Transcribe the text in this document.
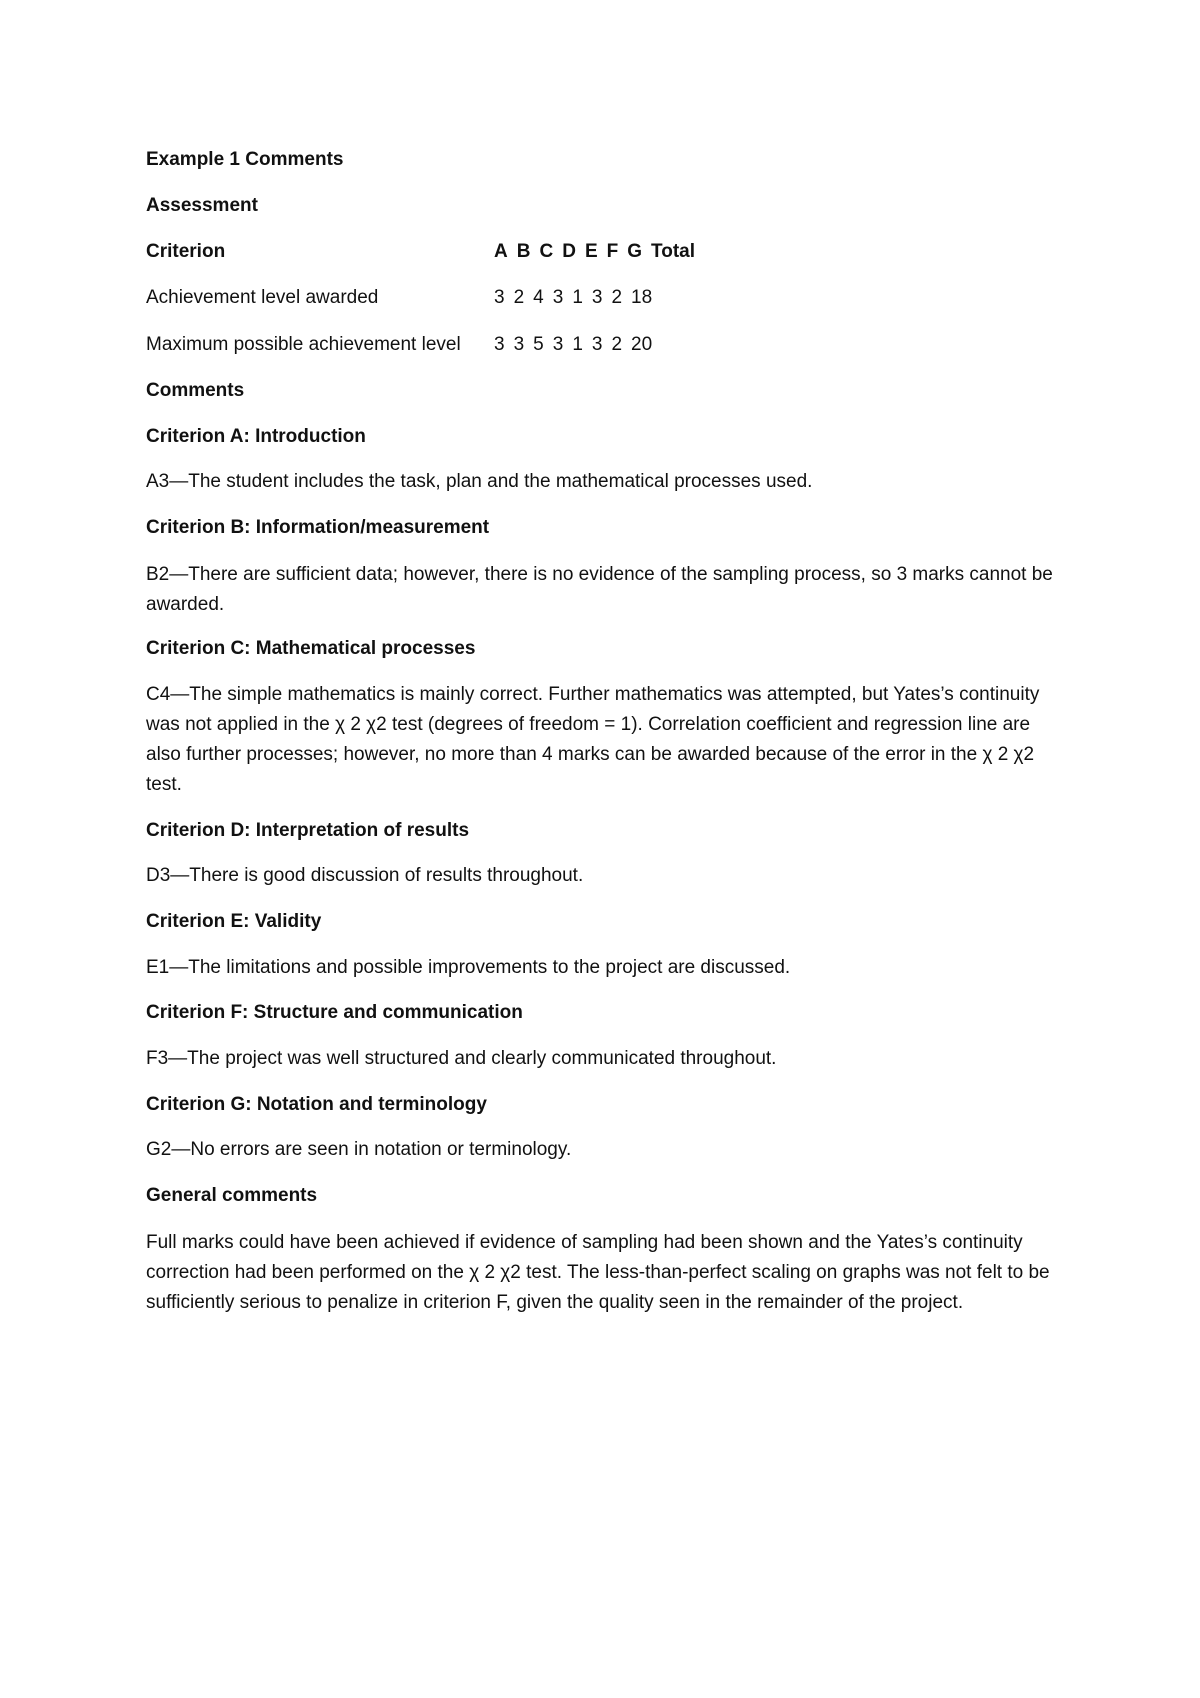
Example 1 Comments
Assessment
Criterion	A B C D E F G Total
Achievement level awarded	3 2 4 3 1 3 2 18
Maximum possible achievement level 3 3 5 3 1 3 2 20
Comments
Criterion A: Introduction
A3—The student includes the task, plan and the mathematical processes used.
Criterion B: Information/measurement
B2—There are sufficient data; however, there is no evidence of the sampling process, so 3 marks cannot be awarded.
Criterion C: Mathematical processes
C4—The simple mathematics is mainly correct. Further mathematics was attempted, but Yates’s continuity was not applied in the χ 2 χ2 test (degrees of freedom = 1). Correlation coefficient and regression line are also further processes; however, no more than 4 marks can be awarded because of the error in the χ 2 χ2 test.
Criterion D: Interpretation of results
D3—There is good discussion of results throughout.
Criterion E: Validity
E1—The limitations and possible improvements to the project are discussed.
Criterion F: Structure and communication
F3—The project was well structured and clearly communicated throughout.
Criterion G: Notation and terminology
G2—No errors are seen in notation or terminology.
General comments
Full marks could have been achieved if evidence of sampling had been shown and the Yates’s continuity correction had been performed on the χ 2 χ2 test. The less-than-perfect scaling on graphs was not felt to be sufficiently serious to penalize in criterion F, given the quality seen in the remainder of the project.
